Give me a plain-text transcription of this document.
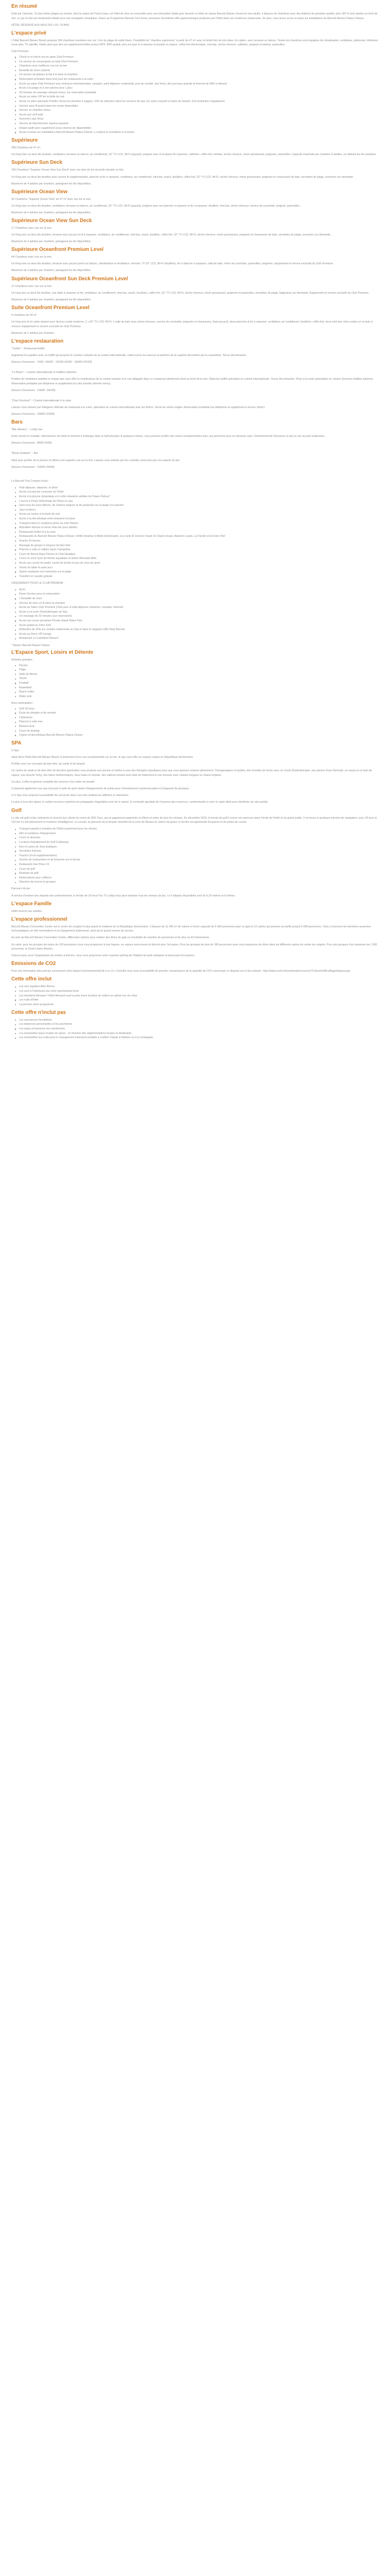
En résumé

Doté par l'amicale, 10 plus belles plages au monde, dont la région de Punta Cana, cet hôtel de rêve se renouvelle avec une rénovation totale pour devenir un hôtel de classe Barcelo Bávaro Grand en tout adulte. Il dispose de chambres avec des finitions de première qualité, plus 160 % sont situées en front de mer, ce qui en fait une destination idéale pour une escapade romantique. Grâce au Programme Barcelo Tout Inclus, terrasses l'excellente offre gastronomique proposée par l'hôtel dans ses nombreux restaurants. De plus, vous aurez accès à toutes les installations du Barceló Bávaro Palace Deluxe.

HÔTEL RÉSERVÉ AUX ADULTES +18 / 18 ANS

L'espace privé

L'hôtel Barceló Bávaro Beach propose 594 chambres orientées mer sur 1 km de plage de sable blanc. Possibilité de "chambre supérieure" à partir de 47 m² avec le forfait très de très doter. En option, avec terrasse ou balcon. Toutes les chambres sont équipées de climatisation, ventilateur, plafonnier, télévision écran plat, TV satellite. Radio ainsi que des sur-supplément boîtier lecteur MP3. WIFI gratuit, plus est pour le à réponse et physite et espace, coffre-fort électronique, mini-bar, sèche-cheveux, cafetière, peignoir et tarterie, pantoufles.

Club Premium:

Check-in et check-out en salon Club Premium
Un service de conciergerie au total Club Premium
Chambres avec meilleure vue sur la mer
Bouteille de rhum (repéré)
Un service de plateau le fait à le dans la chambre
Réservation prioritaire dans tout pour les restaurants à la carte
Accès au salon Club Premium avec boissons internationales, canapés, petit déjeuner continental, jeux de société, des livres, des journaux gratuits et Internet de WiFi à vitesse)
Accès à la plage et à une piscine pour 1 j/jou
20 minutes de massage relaxant inclus, sur réservation préalable
Accès au salon VIP de la boîte de nuit
Accès en plein spectacle Privilèn Venue les piscines à nappes, 10% de réduction dans les services de spa, les soins corporel et bains de beauté. (Uni restriction s'appliquent)
Internet sans fil gratuit dans les zones disponibles
Service en chambre inclus
Accès aux vérif publ
Souvenir Logo Shop
Service de blanchisserie express payante
Départ tardif avec supplément (sous réserve de disponibilité)
Accès à toutes les installations Barceló Bávaro Palace Deluxe, y compris le Caméléon à la fontes.
Supérieure

288 Chambres de 47 m².

Un King-Size ou deux lits doubles, ventilateur, terrasse ou balcon, air conditionné, 32" TV LCD, Wi-Fi (payant), peignoir avec lit et pleine fin expresso, cafetière, coffre-fort, minibar, sèche-cheveux, miroir grossissant, peignoirs, pantoufles. Capacité maximale par chambre 4 adultes, en utilisant les lits existants.

Supérieure Sun Deck

166 Chambres "Superior Ocean View Sun Deck" avec vue plus de sol du jardin (double ou lits).

Un King-size ou deux lits doubles avec oursen lit supplémentaire, planche et fer à repasser, ventilateur, air conditionné, mini-bar, snack, douillets, coffre-fort, 32" TV LCD, Wi-Fi, sèche-cheveux, miroir grossissant, peignoirs et chaussures de bain, serviettes de plage, souvenirs sur demande.

Maximum de 4 adultes par chambre, partageant les lits disponibles.

Supérieure Ocean View

52 Chambres "Superior Ocean View" de 47 m² avec vue sur la mer.

Un King-size ou deux lits doubles, ventilateur, terrasse ou balcon, air conditionné, 32" TV LCD, Wi-Fi (payant), peignoir avec son planche à repasser et fer à repasser, douillets, mini-bar, sèche-cheveux, service de couchette, peignoir, pantoufles.

Maximum de 4 adultes par chambre, partageant les lits disponibles.

Supérieure Ocean View Sun Deck

17 Chambres avec vue sur la mer.

Un King-size ou deux lits doubles, terrasse avec jacuzzi et lit à repasser, ventilateur, air conditionné, mini-bar, snack, douillets, coffre-fort, 32" TV LCD, Wi-Fi, sèche-cheveux, miroir grossissant, peignoirs et chaussures de bain, serviettes de plage, souvenirs sur demande.

Maximum de 4 adultes par chambre, partageant les lits disponibles.

Supérieure Oceanfront Premium Level

44 Chambres avec vue sur la mer.

Un King-size ou deux lits doubles, terrasse avec jacuzzi privé sur balcon, climatisation et ventilateur, mini-bar, TV 32" LCD, Wi-Fi (douillets), fer à planche à repasser, salle de bain, miroir de courtoisie, pantoufles, peignoirs, équipement et service exclusifs du Club Premium.

Maximum de 4 adultes par chambre, partageant les lits disponibles.

Supérieure Oceanfront Sun Deck Premium Level

27 Chambres avec vue sur la mer.

Un king-size ou deux lits doubles, une table à repasser et fer, ventilateur, air conditionné, mini-bar, snack, bouilloire, coffre-fort, 32" TV LCD, Wi-Fi, sèche-cheveux, miroir grossissant, peignoirs et pantoufles, serviettes de plage, baignoires sur demande. Équipement et service exclusifs du Club Premium.

Maximum de 4 adultes par chambre, partageant les lits disponibles.

Suite Oceanfront Premium Level

5 chambres de 94 m²

Un king-size et un salon séparé avec lieul au comté moderne, 2 x 42" TV LCD, Wi-Fi, 2 salle de bain avec sèche-cheveux, service de couchette, peignoirs et chaussures, (bain jacuzzi), deux planches à fer à repasser, ventilateur, air conditionné, bouilloire, coffre-fort, deux mini-bar, micro-ondes et un bain à remous. Équipement et service exclusifs du Club Premium.

Maximum de 2 adultes par chambre.

L'espace restauration

"Caribe" – Restaurant buffet

Augmente les papilles avec un buffet qui propose le cocotier culinaire de la cuisine internationale, rodécouvrez les saveurs et parfums de la superbe décoration par la caractérise. Tenue décontractée.

(Heures d'ouverture : 7H00 -10H30 - 12H30-15H00 - 18H00-22H30)

"Le Bistro" – Cuisine internationale et tradition italienne

Profitez de l'ambiance parfaite et unique que vous offre la combinaison de la cuisine exquise et le vue dégagée dans ce restaurant idéalement situé au bord de la mer. Déjeuner buffet spécialisé en cuisine internationale. Tenue décontractée. Dîner à la carte spécialisée en cuisine Gourmet tradition italienne. Réservation préalable par téléphone et supplément lors des transfer (dernier menu).

(Heures d'ouverture : 13H00 -19H30)

"Chez Gourmet" – Cuisine internationale à la carte

Laissez vous séduire par l'élégance délicate du restaurant à la carte, spécialisé en cuisine internationale pour les dîners. Tenue de soirée exigée. Réservation préalable par téléphone et supplément à service (dîner).

(Heures d'ouverture : 18H00-22H00)

Bars

"Bar Hémery" – Lobby bar

Entre mixed et cocktails, sélectionnez est idéal le moment à mélanger dans le hall principal. À quelques mètres, vous pourriez profiter des soirée exceptionnelles avec une personne pour se retrouver avec. Divertissement! Décisions ce lieu et son accueil chaleureux.

(Heures d'ouverture : 8H00-2H00)

"Botas Goldstar" – Bar

Idéal pour profiter de la piscine et siffrent une superbe vue sur la mer. Laissez-vous séduire par les cocktails concoctés par nos experts du bar.

(Heures d'ouverture : 10H00-22H00)

Le Barceló Tout Compris Inclut :

Petit déjeuner, déjeuner, et dîner
Accès à la piscine exclusive de l'hôtel
Accès à la piscine dynamique et à celle relaxation adultes du Palace Deluxe"
L'accès à Punta Deliveringe de Fitnes ou spa
Sans tous les jours délices, de chaises longues et de parasoles sur la plage et la piscine
Jeux et bitriv's
Accès au casino et la boite de nuit
Accès à la discothèque entre boissons incluses
Transport dans le complexe grâce au train Bávaro
Animation diurnes et serve mais bar pour adultes
Restaurants buffet et à la carte
Restaurants du Barceló Bávaro Palace Deluxe: Sofitel Hiramar et Bella Dominicaine, à la carte El Coral et Snack Or Snack House, Adama's Leaks, La Fuente et la Dolce Vita"
Snacks 24 heures
Massage de groupe à l'espace de bien-être
Planche à voile et valides Sport Trampoline
Cours de fitness Aqua Fitness et Club Nautique
Cours en zone Gym de fitness aquatique et autres Mountain Bike
Accès aux courts de padel, courts de tennis et jeux de sous de sport
Tennis de table et autre jeux
Sports nautiques non motorisés sur la plage
Transfert en navette gratuite

UNIQUEMENT POUR LE CLUB PREMIUM :

Wi-Fi
Room Service pour la restauration
1 Bouteille de rhum
Service de mise en lit dans la chambre
Accès au Salon Club Premium (Club pour le petit déjeuner, boissons, canapés, Internet)
Accès à un zone d'hydrothérapie du Spa
Un massage de 20 minutes (sur réservation)
Accès aux zones privatives Private Island Water Park
Accès gratuit au Fitne Golf
Réduction de 10% sur certains traitements au Spa et dans le magasin U(B) Shop Barceló
Accès au Disco VIP lounge
Restaurant Le Caméléon Bavaro"

* Bávaro Barceló Bávaro Palace

L'Espace Sport, Loisirs et Détente

Activités gratuites :

Piscine
Plage
Salle de fitness
Tennis
Football
Basketball
Beach volley
Water polo

Avec participation :

Golf 18 trous
École de plongée et de snorkel
Catamaran
Planche à voile mer
Banana boat
Cours de boating
Casino et discothèque Barceló Bávaro Palace Deluxe
SPA

U-Spa

Situé dans l'hôtel Barceló Bávaro Beach et justement d'une vue exceptionnelle sur la mer, le spa vous offre un espace unique en République dominicaine.

Profitez avec les concepts de bien-être, de santé et de beauté.

Un centre de santé et de bien-être de dernière génération vous propose une piscine et mettra à vous des thérapies aquatiques pour que vous puissiez restorer pleinement. Thérapeutiques et tactiles, des échelles de forme avec un circuit d'hydrothérapie, une piscine d'eau thermale, un sauna et un bain de vapeur, une douche Vichy, des bains ésothermiques, deux haies et chaude, des cabines privées avec baie de traitement et une terrasse avec chaises longues ou chaise longues.

Un plus, il offre la gamme complète des services d'un salon de beauté.

Comprend également une spa d'accueil à salle de sport dotée d'équipements de pointe pour l'entraînement cardiovasculaire et d'appareil de physique.

U-U Spa vous propose la possibilité de concevoir dans l'une des ambiances raffinées et relaxantes.

Le plus à tous des lignes, le cabine incarnez exprimés les petagogiée d'agréables soin de la nature, le contrasté agréable de l'essence des essences, conforementé à créer le cadre idéal pour bénéficier du soin parfait.

Golf

Le site est golf et des rubiments et réservé aux clients du resort de 35% Tous, qui se gagnement appréciés et offerts et selon de tous les niveaux. En décembre 2010, le terrain du golf il ouvert son parcours dans l'école de l'hôtel et du grand public. Il se trouve à quelques minutes de navigation, avec 29 tous et 132 km il a été pleinement et moderne d'intelligence. Le conseil, le parcours de la beauté naturelle de la zone de Bávaro et, autour du green, le terrain est agrémenté d'espaces et de pistes de course.

Transport gratuit à chambre de l'hôtel (seulement pour les clients)
Abri et vestiaires d'équipement
Cours et abonnes
Location d'équipement de Golf (Callaway)
Nos et cartes de Jeux pratiques
Serviettes fraîches
Practice (Fruit supplémentaires)
Service de restauration et de boissons sur le terrain
Restaurant Hoe Pinus 19
Cours de golf
Boutique de golf
Réservations pour coiffeurs
Direction de tournoi et groupes

Parcours de jeu

À service d'ombres des départs des professionnels, le terrain de 18 trous Par 72 a déjà vous peut valoriser tous les niveaux de jeu. Le 9 départs disponibles sont de 6,29 mètres et 6 mètres.

L'espace Famille

Hôtel réservé aux adultes.

L'espace professionnel

Barceló Bávaro Convention Center est le centre de congrès le plus grand et moderne de la République dominicaine. Il dispose de 11 000 m² de salons et d'une capacité de 5 000 personnes pour un gala et 12 salons qui peuvent accueillir jusqu'à 5 000 personnes. Vous y trouverez les dernières avancées technologiques en télé-nominations et en équipement audiovisuel, ainsi qu'un grand secteur de service.

Au sein du Barceló Bávaro Convention Center, différentes options pour réaliser des dînes de gala ou d'activités de manière de personnes et de plus ou 40 événements.

En outre, pour les groupes de moins de 100 personnes nous vous proposons le bar lingues, un espace semi-ouvert et décoré pour l'occasion. Pour les groupes de plus de 180 personnes nous vous proposons de dîner dans les différents salons du centre de congrès. Pour des groupes d'un maximum de 1 500 personnes, le Grand Salon Bávaro.

Chacun peut, pour l'organisation de soirées à thèmes, nous vous proposons notre superbe parking de l'hôpital ciel petit catégorie et beaucoup d'occasions.

Emissions de CO2

Pour une information plus précise concernant votre impact environnemental lié à ce Cv. Consulté vous avez la possibilité de prendre connaissance de la quantité de CO2 concernant ce disposé sur le lien suivant : http://www.ecolo-internationale/xxxxxxxx?Culture%5Bcellkggolobjasxsyps

Cette offre inclut
Les vols réguliers Aller-Retour
Les sorti à l'extérieure par votre représentant local
Les transferts Aéroport / Hôtel Aéroport sauf à prise d'une location de voiture en option lors du choix
Les nuits d'hôtel
La pension selon programme
Cette offre n'inclut pas
Les assurances facultatives
Les dépenses personnelles et les pourboires
Les repas et boissons non mentionnés
Les éventuelles taxes locales de séjour - en fonction des réglementations locales et destination
Les éventuelles sur-coûts pour le changement d'aéroport possible à confère Claude à Nettoire ou à la compagnie
